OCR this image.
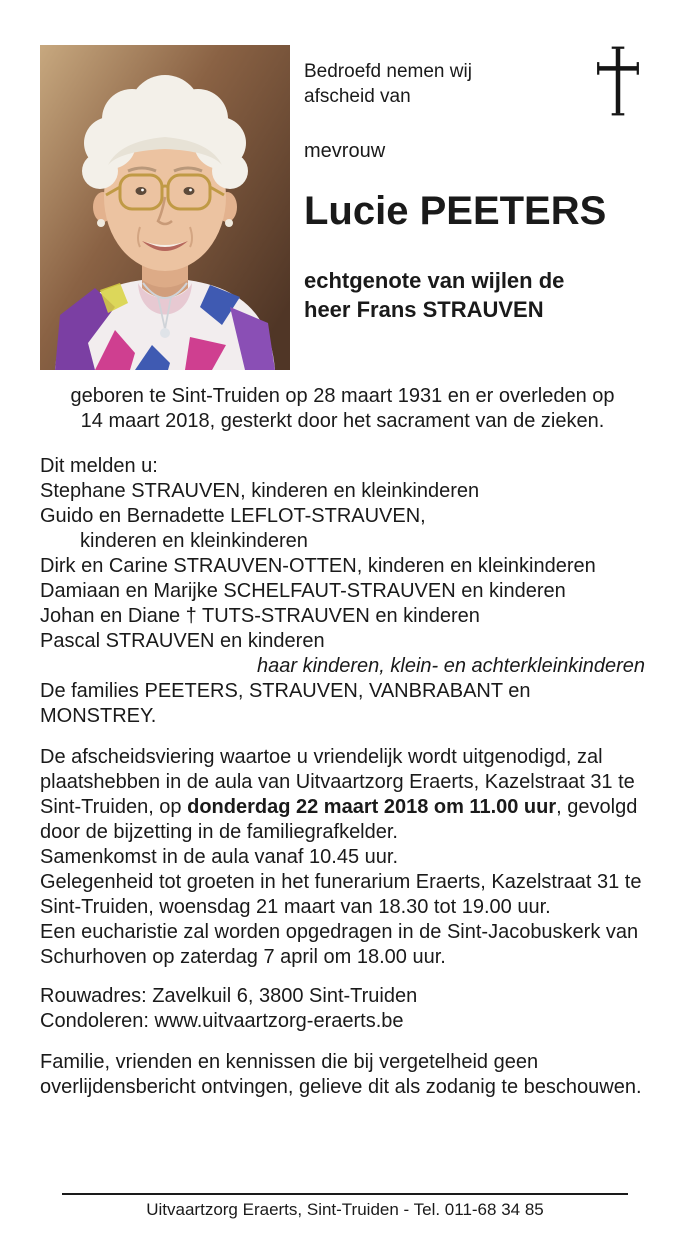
Bedroefd nemen wij
afscheid van
mevrouw
Lucie PEETERS
echtgenote van wijlen de
heer Frans STRAUVEN
geboren te Sint-Truiden op 28 maart 1931 en er overleden op
14 maart 2018, gesterkt door het sacrament van de zieken.
Dit melden u:
Stephane STRAUVEN, kinderen en kleinkinderen
Guido en Bernadette LEFLOT-STRAUVEN,
kinderen en kleinkinderen
Dirk en Carine STRAUVEN-OTTEN, kinderen en kleinkinderen
Damiaan en Marijke SCHELFAUT-STRAUVEN en kinderen
Johan en Diane † TUTS-STRAUVEN en kinderen
Pascal STRAUVEN en kinderen
haar kinderen, klein- en achterkleinkinderen
De families PEETERS, STRAUVEN, VANBRABANT en
MONSTREY.

De afscheidsviering waartoe u vriendelijk wordt uitgenodigd, zal plaatshebben in de aula van Uitvaartzorg Eraerts, Kazelstraat 31 te Sint-Truiden, op donderdag 22 maart 2018 om 11.00 uur, gevolgd door de bijzetting in de familiegrafkelder.

Samenkomst in de aula vanaf 10.45 uur.

Gelegenheid tot groeten in het funerarium Eraerts, Kazelstraat 31 te Sint-Truiden, woensdag 21 maart van 18.30 tot 19.00 uur.

Een eucharistie zal worden opgedragen in de Sint-Jacobuskerk van Schurhoven op zaterdag 7 april om 18.00 uur.

Rouwadres: Zavelkuil 6, 3800 Sint-Truiden
Condoleren: www.uitvaartzorg-eraerts.be

Familie, vrienden en kennissen die bij vergetelheid geen overlijdensbericht ontvingen, gelieve dit als zodanig te beschouwen.

Uitvaartzorg Eraerts, Sint-Truiden - Tel. 011-68 34 85
